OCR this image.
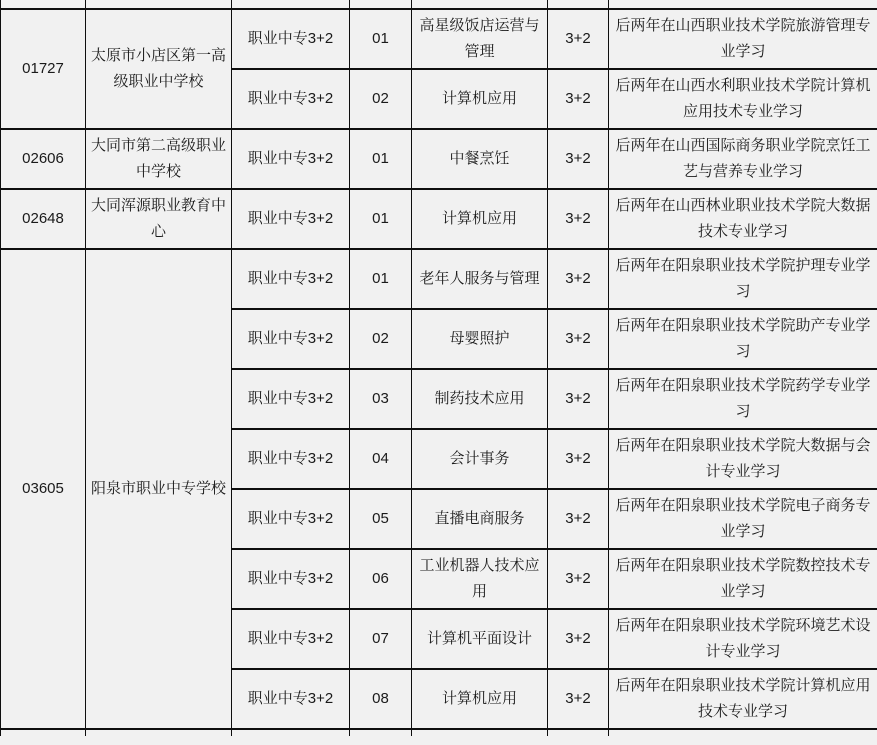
01727	太原市小店区第一高级职业中学校	职业中专3+2	01	高星级饭店运营与管理	3+2	后两年在山西职业技术学院旅游管理专业学习
		职业中专3+2	02	计算机应用	3+2	后两年在山西水利职业技术学院计算机应用技术专业学习
02606	大同市第二高级职业中学校	职业中专3+2	01	中餐烹饪	3+2	后两年在山西国际商务职业学院烹饪工艺与营养专业学习
02648	大同浑源职业教育中心	职业中专3+2	01	计算机应用	3+2	后两年在山西林业职业技术学院大数据技术专业学习
03605	阳泉市职业中专学校	职业中专3+2	01	老年人服务与管理	3+2	后两年在阳泉职业技术学院护理专业学习
		职业中专3+2	02	母婴照护	3+2	后两年在阳泉职业技术学院助产专业学习
		职业中专3+2	03	制药技术应用	3+2	后两年在阳泉职业技术学院药学专业学习
		职业中专3+2	04	会计事务	3+2	后两年在阳泉职业技术学院大数据与会计专业学习
		职业中专3+2	05	直播电商服务	3+2	后两年在阳泉职业技术学院电子商务专业学习
		职业中专3+2	06	工业机器人技术应用	3+2	后两年在阳泉职业技术学院数控技术专业学习
		职业中专3+2	07	计算机平面设计	3+2	后两年在阳泉职业技术学院环境艺术设计专业学习
		职业中专3+2	08	计算机应用	3+2	后两年在阳泉职业技术学院计算机应用技术专业学习
